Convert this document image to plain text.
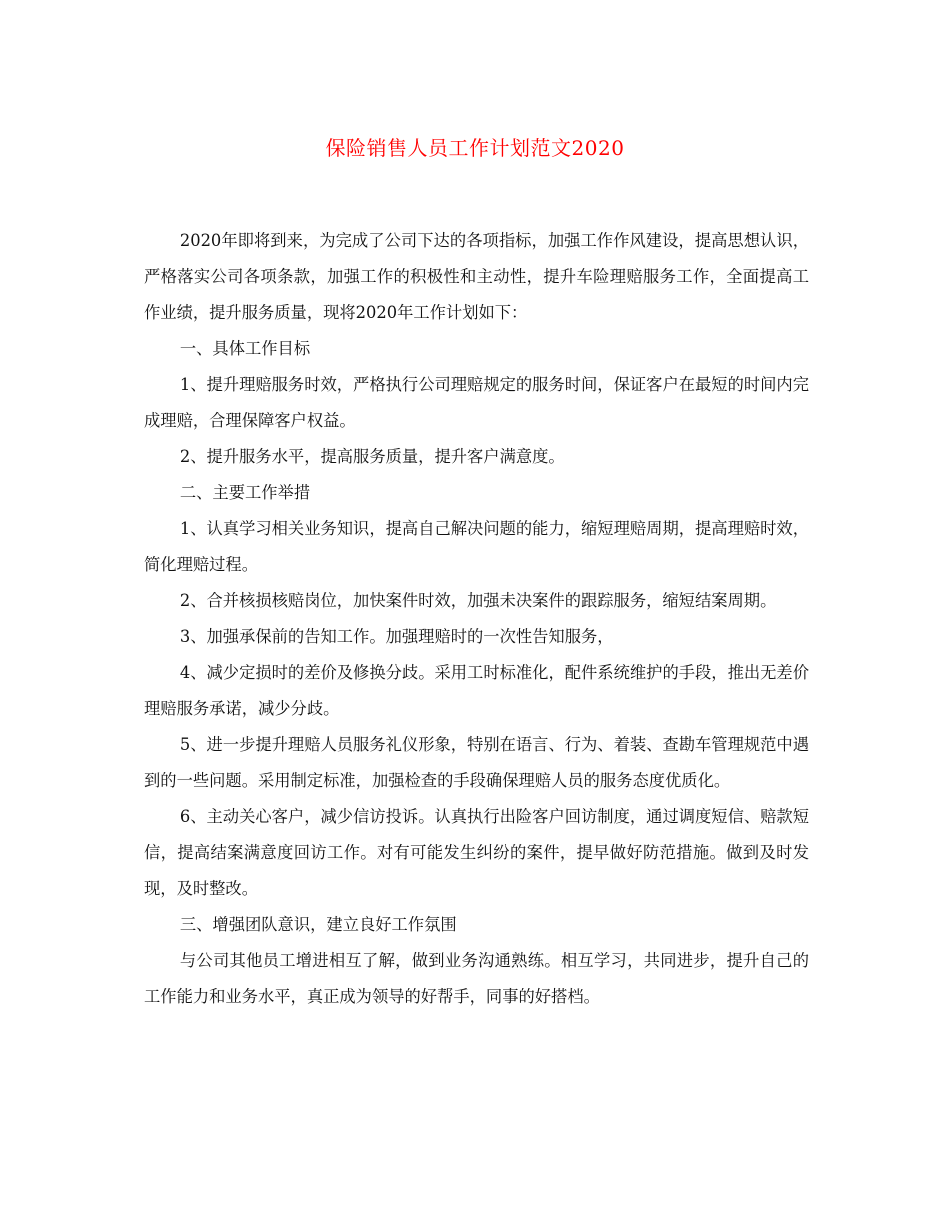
保险销售人员工作计划范文2020

2020年即将到来，为完成了公司下达的各项指标，加强工作作风建设，提高思想认识，严格落实公司各项条款，加强工作的积极性和主动性，提升车险理赔服务工作，全面提高工作业绩，提升服务质量，现将2020年工作计划如下：

一、具体工作目标

1、提升理赔服务时效，严格执行公司理赔规定的服务时间，保证客户在最短的时间内完成理赔，合理保障客户权益。

2、提升服务水平，提高服务质量，提升客户满意度。

二、主要工作举措

1、认真学习相关业务知识，提高自己解决问题的能力，缩短理赔周期，提高理赔时效，简化理赔过程。

2、合并核损核赔岗位，加快案件时效，加强未决案件的跟踪服务，缩短结案周期。

3、加强承保前的告知工作。加强理赔时的一次性告知服务，

4、减少定损时的差价及修换分歧。采用工时标准化，配件系统维护的手段，推出无差价理赔服务承诺，减少分歧。

5、进一步提升理赔人员服务礼仪形象，特别在语言、行为、着装、查勘车管理规范中遇到的一些问题。采用制定标准，加强检查的手段确保理赔人员的服务态度优质化。

6、主动关心客户，减少信访投诉。认真执行出险客户回访制度，通过调度短信、赔款短信，提高结案满意度回访工作。对有可能发生纠纷的案件，提早做好防范措施。做到及时发现，及时整改。

三、增强团队意识，建立良好工作氛围

与公司其他员工增进相互了解，做到业务沟通熟练。相互学习，共同进步，提升自己的工作能力和业务水平，真正成为领导的好帮手，同事的好搭档。
